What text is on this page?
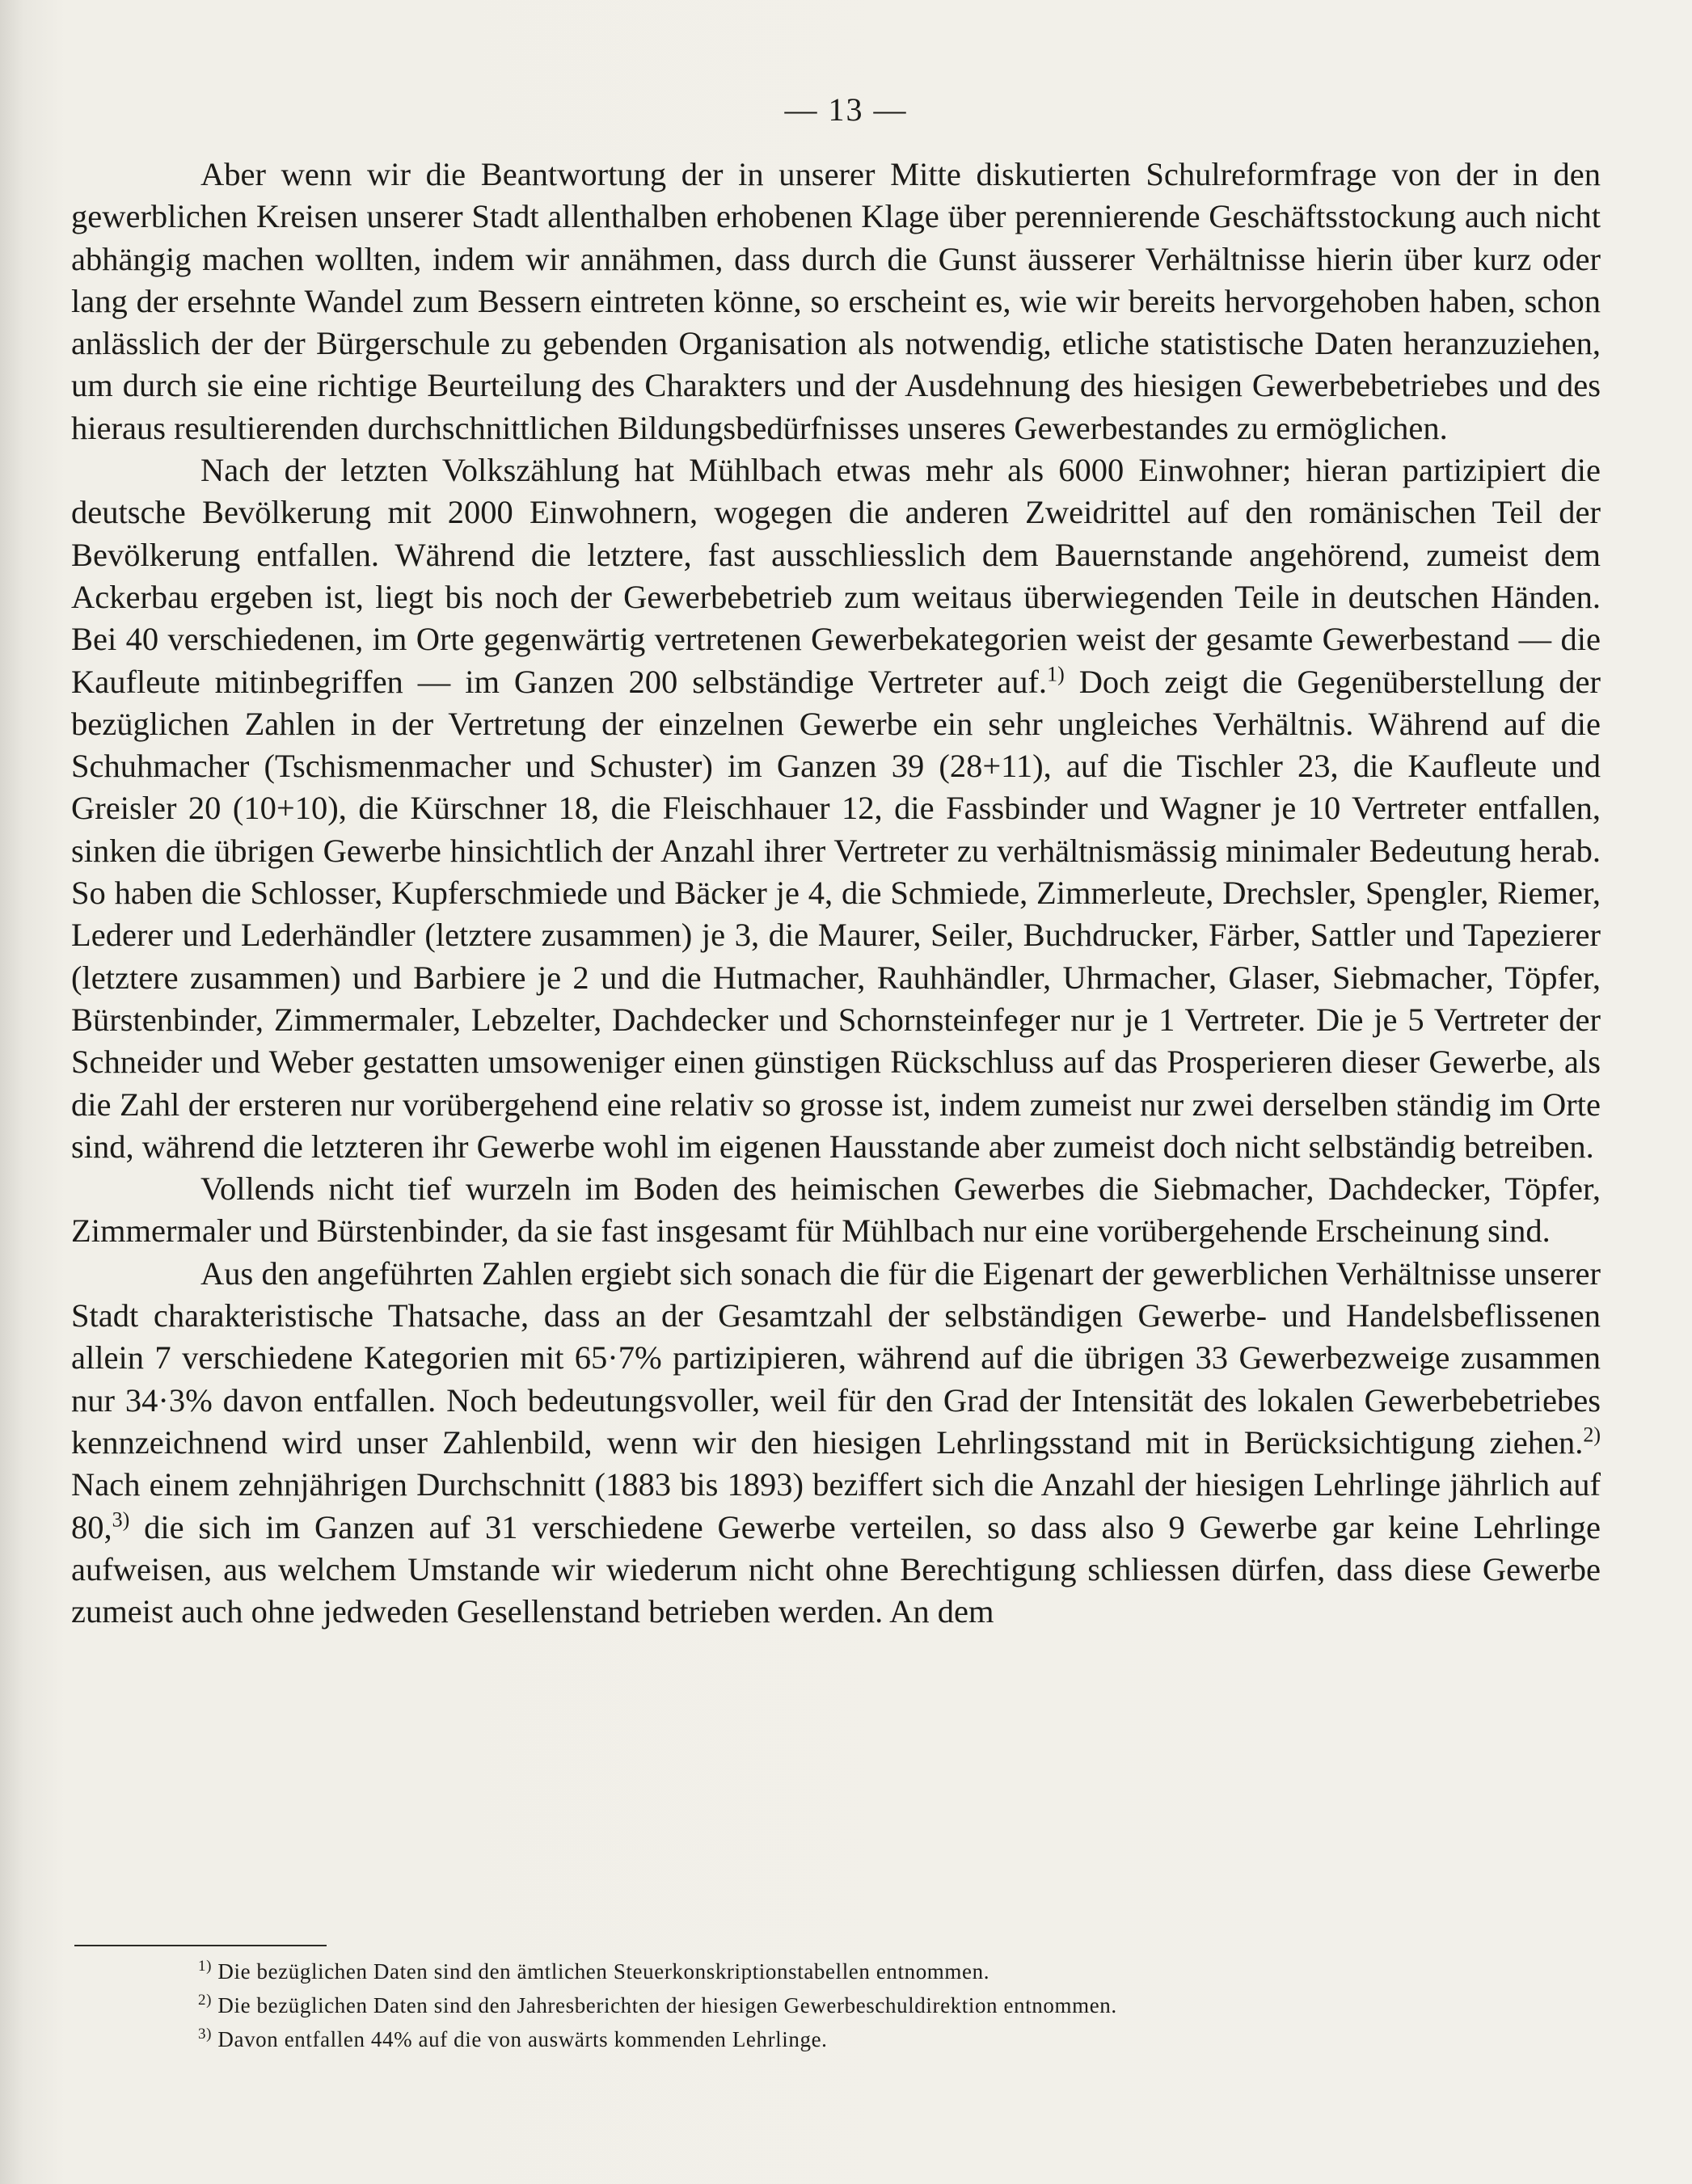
— 13 —

Aber wenn wir die Beantwortung der in unserer Mitte diskutierten Schulreformfrage von der in den gewerblichen Kreisen unserer Stadt allenthalben erhobenen Klage über perennierende Geschäftsstockung auch nicht abhängig machen wollten, indem wir annähmen, dass durch die Gunst äusserer Verhältnisse hierin über kurz oder lang der ersehnte Wandel zum Bessern eintreten könne, so erscheint es, wie wir bereits hervorgehoben haben, schon anlässlich der der Bürgerschule zu gebenden Organisation als notwendig, etliche statistische Daten heranzuziehen, um durch sie eine richtige Beurteilung des Charakters und der Ausdehnung des hiesigen Gewerbebetriebes und des hieraus resultierenden durchschnittlichen Bildungsbedürfnisses unseres Gewerbestandes zu ermöglichen.

Nach der letzten Volkszählung hat Mühlbach etwas mehr als 6000 Einwohner; hieran partizipiert die deutsche Bevölkerung mit 2000 Einwohnern, wogegen die anderen Zweidrittel auf den romänischen Teil der Bevölkerung entfallen. Während die letztere, fast ausschliesslich dem Bauernstande angehörend, zumeist dem Ackerbau ergeben ist, liegt bis noch der Gewerbebetrieb zum weitaus überwiegenden Teile in deutschen Händen. Bei 40 verschiedenen, im Orte gegenwärtig vertretenen Gewerbekategorien weist der gesamte Gewerbestand — die Kaufleute mitinbegriffen — im Ganzen 200 selbständige Vertreter auf.$^{1)}$ Doch zeigt die Gegenüberstellung der bezüglichen Zahlen in der Vertretung der einzelnen Gewerbe ein sehr ungleiches Verhältnis. Während auf die Schuhmacher (Tschismenmacher und Schuster) im Ganzen 39 (28+11), auf die Tischler 23, die Kaufleute und Greisler 20 (10+10), die Kürschner 18, die Fleischhauer 12, die Fassbinder und Wagner je 10 Vertreter entfallen, sinken die übrigen Gewerbe hinsichtlich der Anzahl ihrer Vertreter zu verhältnismässig minimaler Bedeutung herab. So haben die Schlosser, Kupferschmiede und Bäcker je 4, die Schmiede, Zimmerleute, Drechsler, Spengler, Riemer, Lederer und Lederhändler (letztere zusammen) je 3, die Maurer, Seiler, Buchdrucker, Färber, Sattler und Tapezierer (letztere zusammen) und Barbiere je 2 und die Hutmacher, Rauhhändler, Uhrmacher, Glaser, Siebmacher, Töpfer, Bürstenbinder, Zimmermaler, Lebzelter, Dachdecker und Schornsteinfeger nur je 1 Vertreter. Die je 5 Vertreter der Schneider und Weber gestatten umsoweniger einen günstigen Rückschluss auf das Prosperieren dieser Gewerbe, als die Zahl der ersteren nur vorübergehend eine relativ so grosse ist, indem zumeist nur zwei derselben ständig im Orte sind, während die letzteren ihr Gewerbe wohl im eigenen Hausstande aber zumeist doch nicht selbständig betreiben.

Vollends nicht tief wurzeln im Boden des heimischen Gewerbes die Siebmacher, Dachdecker, Töpfer, Zimmermaler und Bürstenbinder, da sie fast insgesamt für Mühlbach nur eine vorübergehende Erscheinung sind.

Aus den angeführten Zahlen ergiebt sich sonach die für die Eigenart der gewerblichen Verhältnisse unserer Stadt charakteristische Thatsache, dass an der Gesamtzahl der selbständigen Gewerbe- und Handelsbeflissenen allein 7 verschiedene Kategorien mit 65·7% partizipieren, während auf die übrigen 33 Gewerbezweige zusammen nur 34·3% davon entfallen. Noch bedeutungsvoller, weil für den Grad der Intensität des lokalen Gewerbebetriebes kennzeichnend wird unser Zahlenbild, wenn wir den hiesigen Lehrlingsstand mit in Berücksichtigung ziehen.$^{2)}$ Nach einem zehnjährigen Durchschnitt (1883 bis 1893) beziffert sich die Anzahl der hiesigen Lehrlinge jährlich auf 80,$^{3)}$ die sich im Ganzen auf 31 verschiedene Gewerbe verteilen, so dass also 9 Gewerbe gar keine Lehrlinge aufweisen, aus welchem Umstande wir wiederum nicht ohne Berechtigung schliessen dürfen, dass diese Gewerbe zumeist auch ohne jedweden Gesellenstand betrieben werden. An dem

$^{1)}$ Die bezüglichen Daten sind den ämtlichen Steuerkonskriptionstabellen entnommen.
$^{2)}$ Die bezüglichen Daten sind den Jahresberichten der hiesigen Gewerbeschuldirektion entnommen.
$^{3)}$ Davon entfallen 44% auf die von auswärts kommenden Lehrlinge.
